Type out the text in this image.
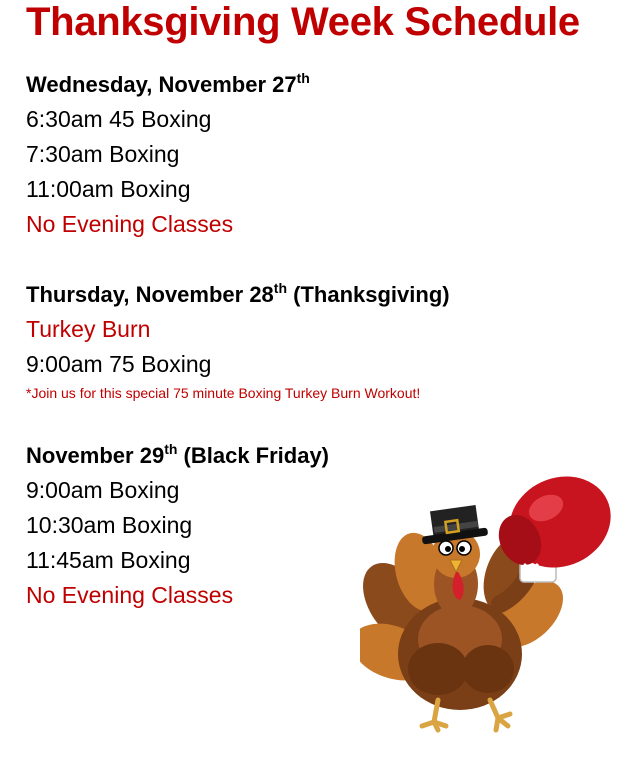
Thanksgiving Week Schedule
Wednesday, November 27th
6:30am 45 Boxing
7:30am Boxing
11:00am Boxing
No Evening Classes
Thursday, November 28th (Thanksgiving)
Turkey Burn
9:00am 75 Boxing
*Join us for this special 75 minute Boxing Turkey Burn Workout!
November 29th (Black Friday)
9:00am Boxing
10:30am Boxing
11:45am Boxing
No Evening Classes
